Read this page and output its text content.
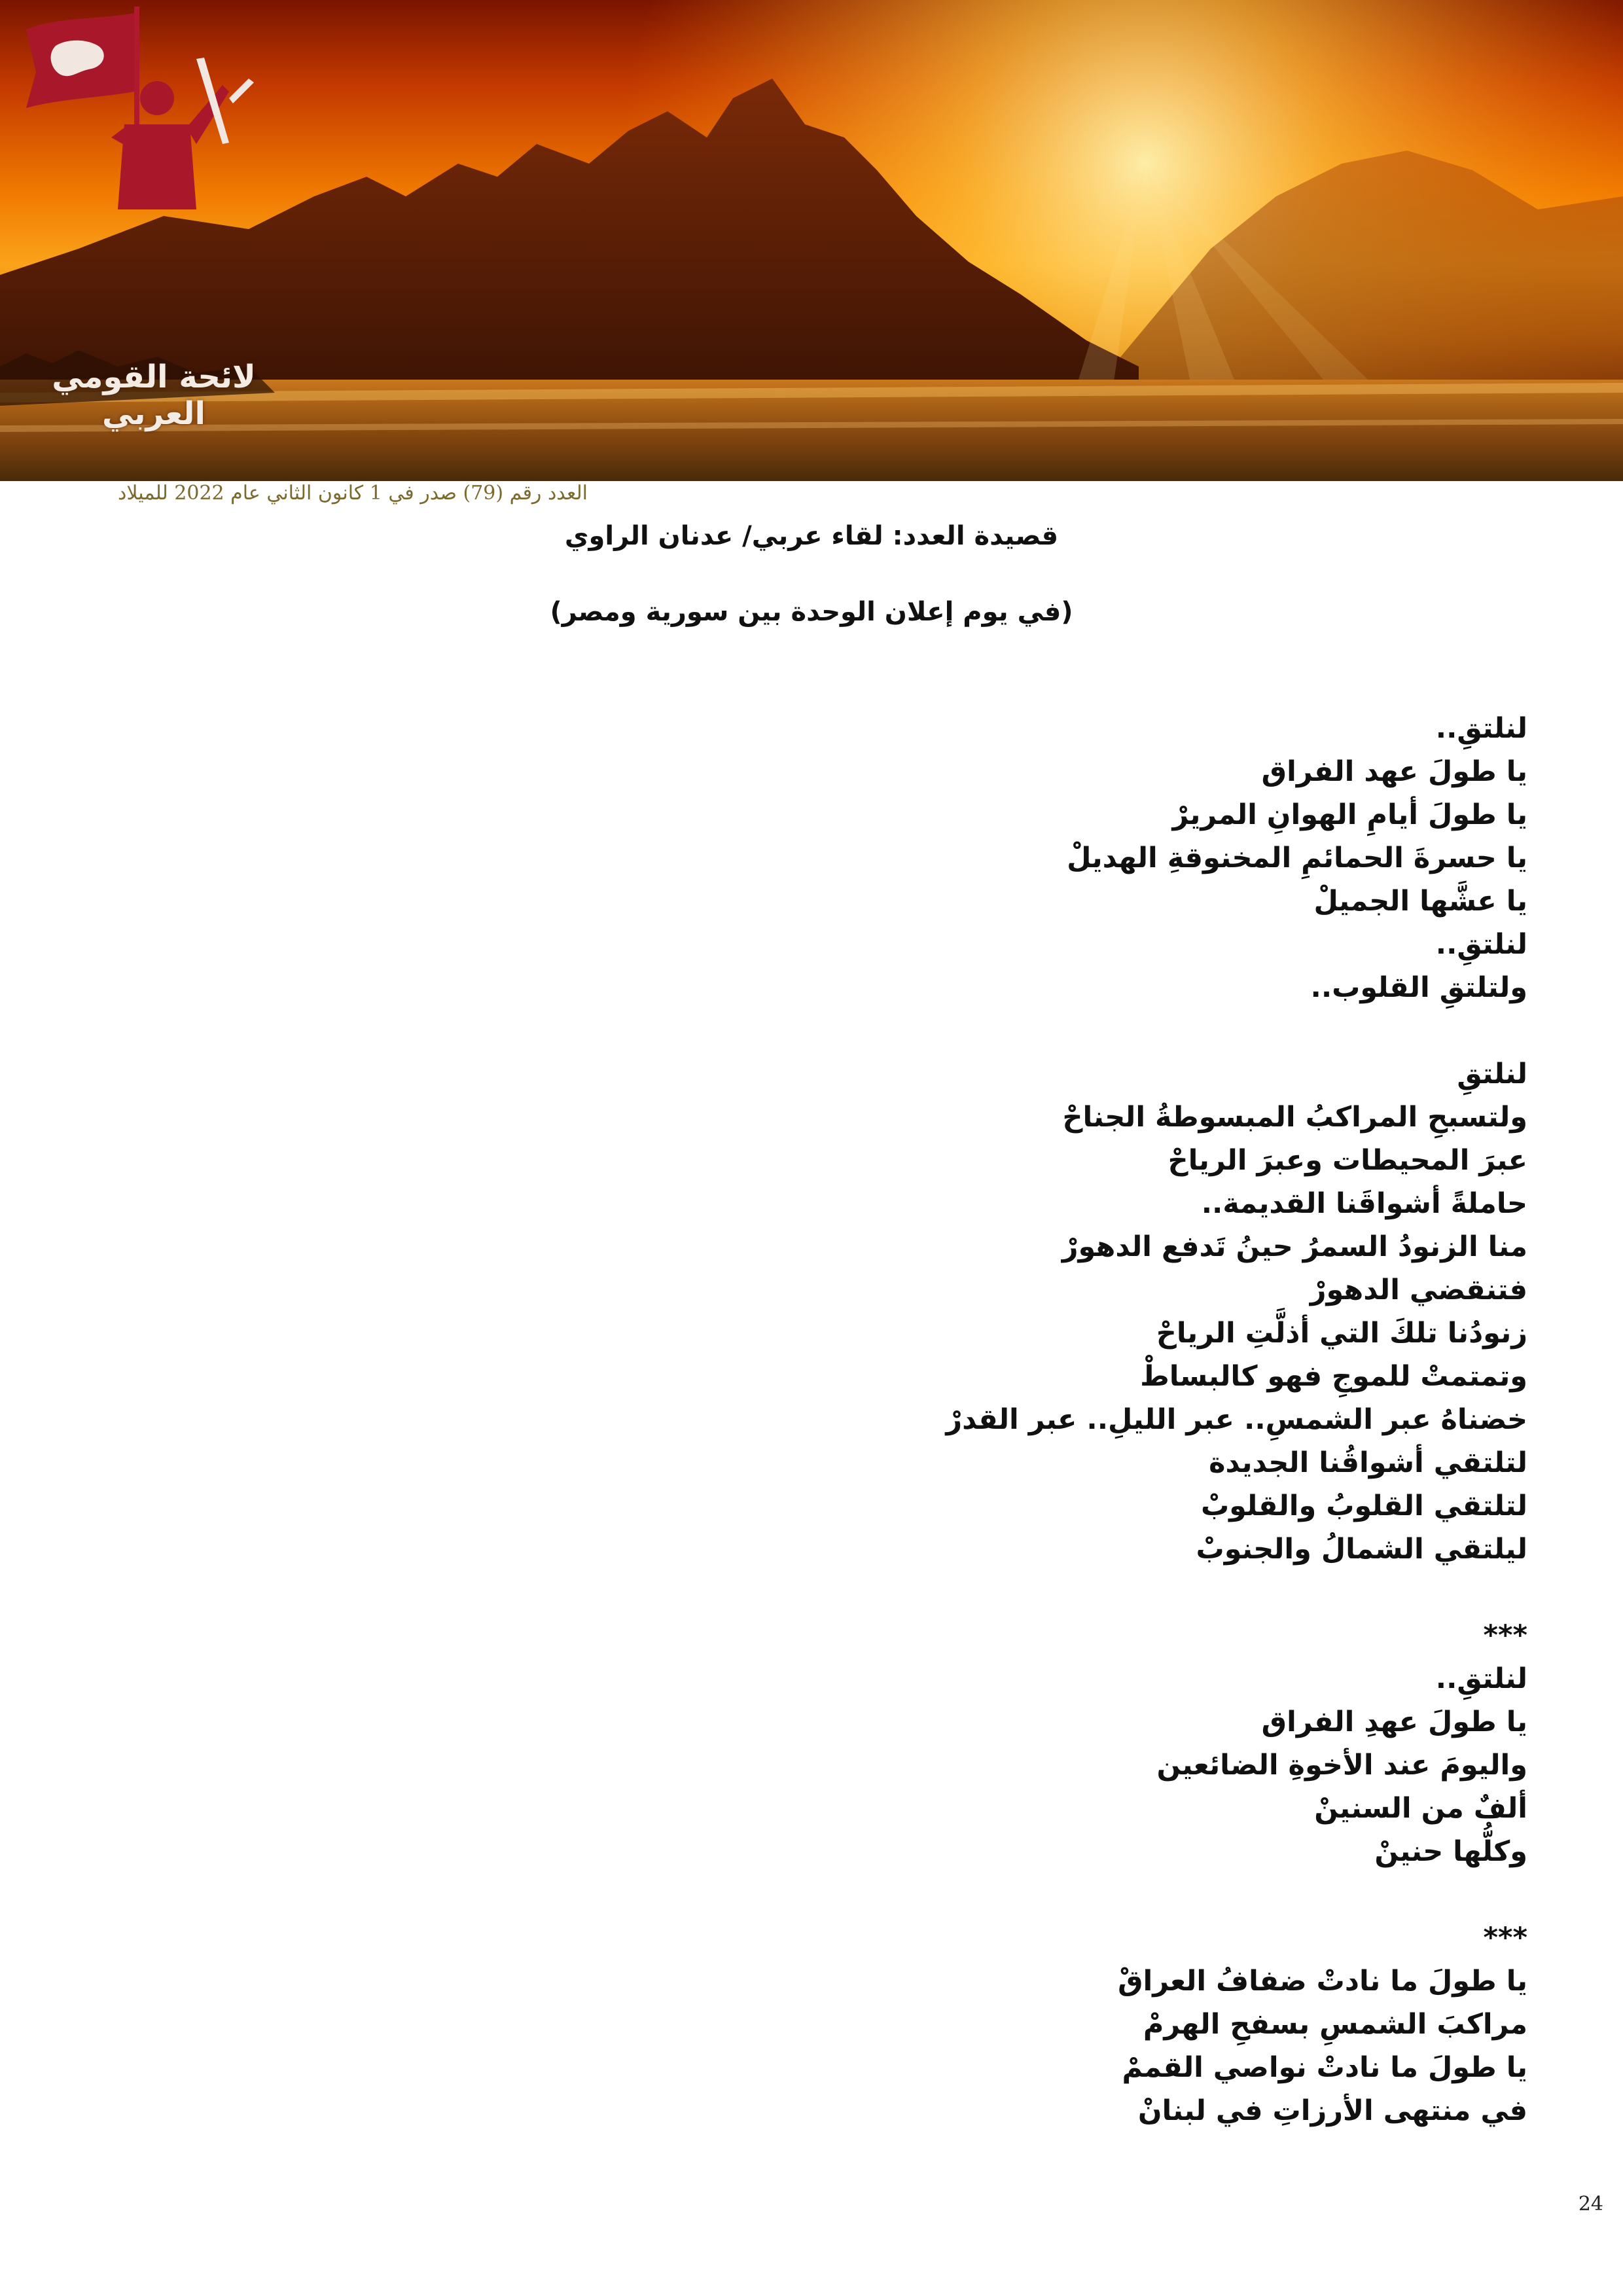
لائحة القومي العربي
العدد رقم (79) صدر في 1 كانون الثاني عام 2022 للميلاد
قصيدة العدد: لقاء عربي/ عدنان الراوي
(في يوم إعلان الوحدة بين سورية ومصر)
لنلتقِ..
يا طولَ عهد الفراق
يا طولَ أيامِ الهوانِ المريرْ
يا حسرةَ الحمائمِ المخنوقةِ الهديلْ
يا عشَّها الجميلْ
لنلتقِ..
ولتلتقِ القلوب..
لنلتقِ
ولتسبحِ المراكبُ المبسوطةُ الجناحْ
عبرَ المحيطات وعبرَ الرياحْ
حاملةً أشواقَنا القديمة..
منا الزنودُ السمرُ حينُ تَدفع الدهورْ
فتنقضي الدهورْ
زنودُنا تلكَ التي أذلَّتِ الرياحْ
وتمتمتْ للموجِ فهو كالبساطْ
خضناهُ عبر الشمسِ.. عبر الليلِ.. عبر القدرْ
لتلتقي أشواقُنا الجديدة
لتلتقي القلوبُ والقلوبْ
ليلتقي الشمالُ والجنوبْ
***
لنلتقِ..
يا طولَ عهدِ الفراق
واليومَ عند الأخوةِ الضائعين
ألفٌ من السنينْ
وكلُّها حنينْ
***
يا طولَ ما نادتْ ضفافُ العراقْ
مراكبَ الشمسِ بسفحِ الهرمْ
يا طولَ ما نادتْ نواصي القممْ
في منتهى الأرزاتِ في لبنانْ
24
